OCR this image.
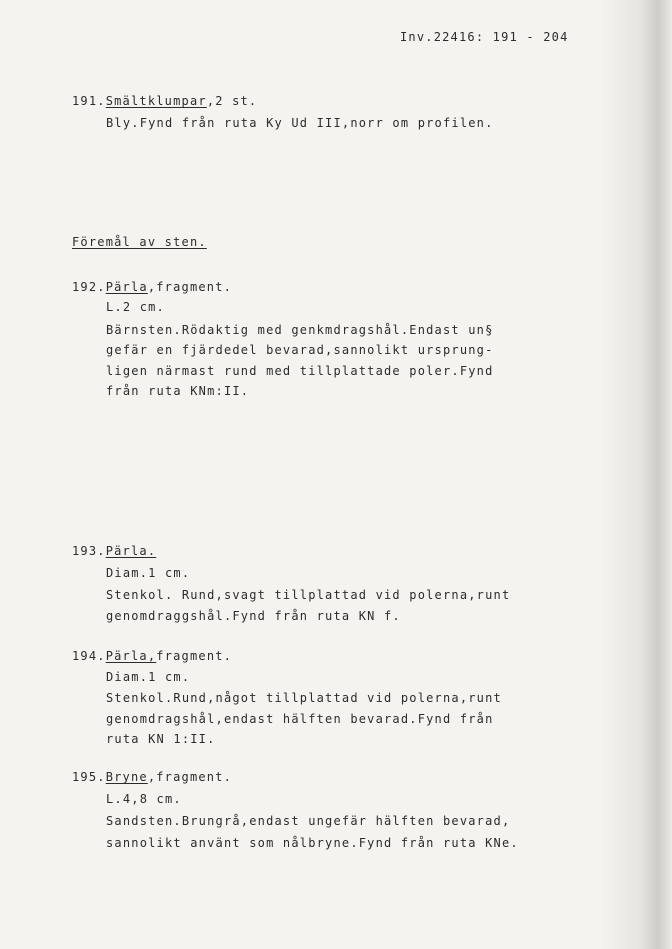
Inv.22416: 191 - 204
191.Smältklumpar,2 st.
Bly.Fynd från ruta Ky Ud III,norr om profilen.
Föremål av sten.
192.Pärla,fragment.
L.2 cm.
Bärnsten.Rödaktig med genkmdragshål.Endast un§
gefär en fjärdedel bevarad,sannolikt ursprung-
ligen närmast rund med tillplattade poler.Fynd
från ruta KNm:II.
193.Pärla.
Diam.1 cm.
Stenkol. Rund,svagt tillplattad vid polerna,runt
genomdraggshål.Fynd från ruta KN f.
194.Pärla,fragment.
Diam.1 cm.
Stenkol.Rund,något tillplattad vid polerna,runt
genomdragshål,endast hälften bevarad.Fynd från
ruta KN 1:II.
195.Bryne,fragment.
L.4,8 cm.
Sandsten.Brungrå,endast ungefär hälften bevarad,
sannolikt använt som nålbryne.Fynd från ruta KNe.
